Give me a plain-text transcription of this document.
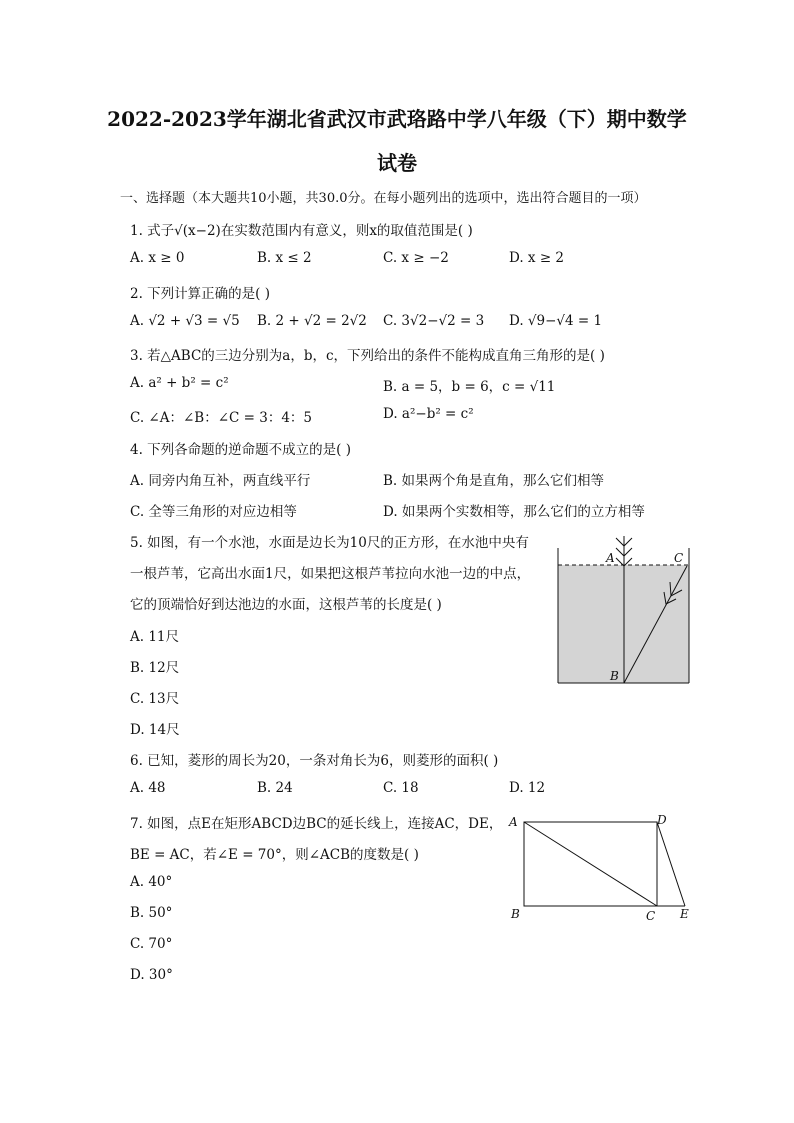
2022-2023学年湖北省武汉市武珞路中学八年级（下）期中数学
试卷
一、选择题（本大题共10小题，共30.0分。在每小题列出的选项中，选出符合题目的一项）
1. 式子√(x−2)在实数范围内有意义，则x的取值范围是( )
A. x ≥ 0	B. x ≤ 2	C. x ≥ −2	D. x ≥ 2
2. 下列计算正确的是( )
A. √2 + √3 = √5 B. 2 + √2 = 2√2 C. 3√2−√2 = 3 D. √9−√4 = 1
3. 若△ABC的三边分别为a，b，c，下列给出的条件不能构成直角三角形的是( )
A. a² + b² = c²	B. a = 5，b = 6，c = √11
C. ∠A：∠B：∠C = 3：4：5	D. a²−b² = c²
4. 下列各命题的逆命题不成立的是( )
A. 同旁内角互补，两直线平行	B. 如果两个角是直角，那么它们相等
C. 全等三角形的对应边相等	D. 如果两个实数相等，那么它们的立方相等
5. 如图，有一个水池，水面是边长为10尺的正方形，在水池中央有
一根芦苇，它高出水面1尺，如果把这根芦苇拉向水池一边的中点，
它的顶端恰好到达池边的水面，这根芦苇的长度是( )
A. 11尺
B. 12尺
C. 13尺
D. 14尺
A	C
B
6. 已知，菱形的周长为20，一条对角长为6，则菱形的面积( )
A. 48	B. 24	C. 18	D. 12
7. 如图，点E在矩形ABCD边BC的延长线上，连接AC，DE，
BE = AC，若∠E = 70°，则∠ACB的度数是( )
A. 40°
B. 50°
C. 70°
D. 30°
A	D
B	C E
